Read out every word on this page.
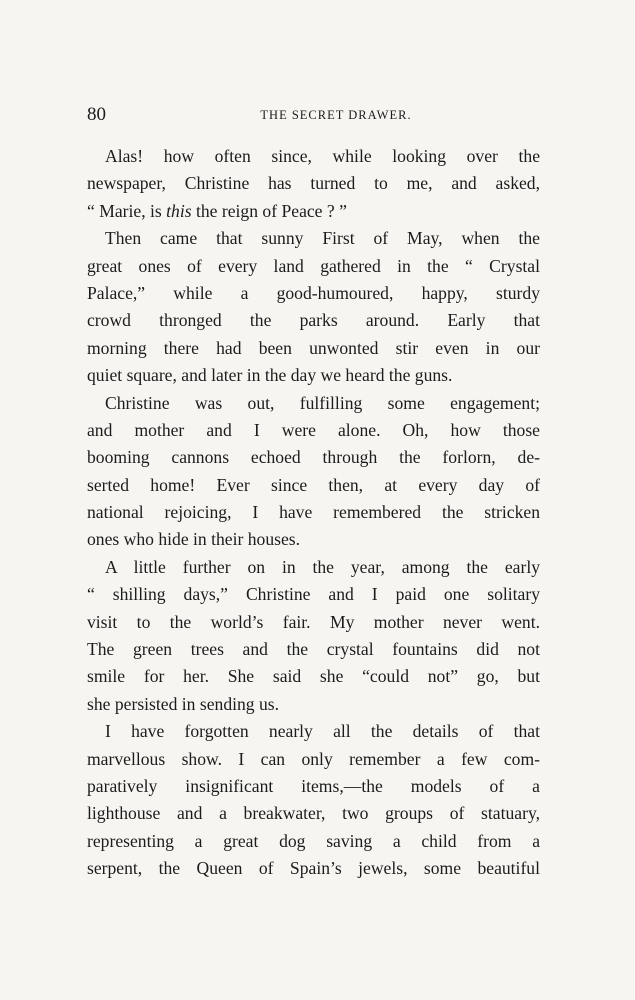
80	THE SECRET DRAWER.
Alas! how often since, while looking over the
newspaper, Christine has turned to me, and asked,
“ Marie, is this the reign of Peace ? ”
Then came that sunny First of May, when the
great ones of every land gathered in the “ Crystal
Palace,” while a good-humoured, happy, sturdy
crowd thronged the parks around. Early that
morning there had been unwonted stir even in our
quiet square, and later in the day we heard the guns.
Christine was out, fulfilling some engagement;
and mother and I were alone. Oh, how those
booming cannons echoed through the forlorn, de-
serted home! Ever since then, at every day of
national rejoicing, I have remembered the stricken
ones who hide in their houses.
A little further on in the year, among the early
“ shilling days,” Christine and I paid one solitary
visit to the world’s fair. My mother never went.
The green trees and the crystal fountains did not
smile for her. She said she “could not” go, but
she persisted in sending us.
I have forgotten nearly all the details of that
marvellous show. I can only remember a few com-
paratively insignificant items,—the models of a
lighthouse and a breakwater, two groups of statuary,
representing a great dog saving a child from a
serpent, the Queen of Spain’s jewels, some beautiful
